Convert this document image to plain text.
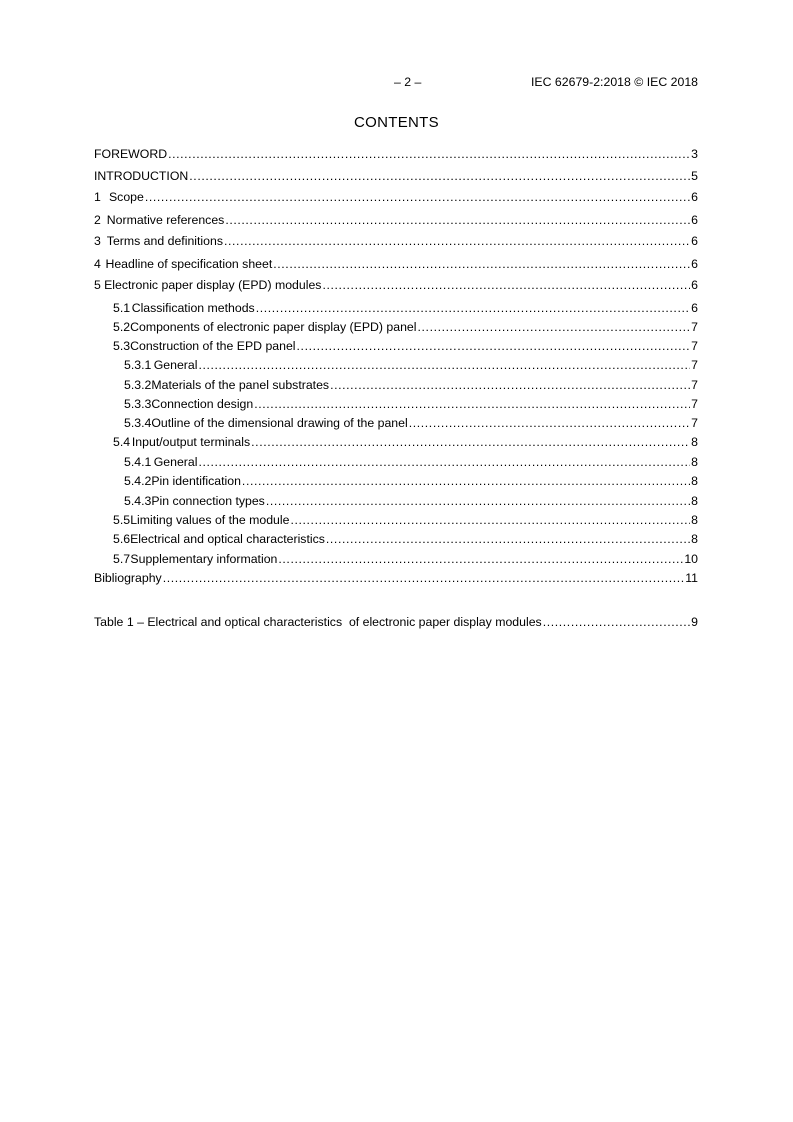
– 2 –	IEC 62679-2:2018 © IEC 2018
CONTENTS
FOREWORD .....	3
INTRODUCTION .....	5
1 Scope .....	6
2 Normative references .....	6
3 Terms and definitions .....	6
4 Headline of specification sheet .....	6
5 Electronic paper display (EPD) modules .....	6
5.1 Classification methods .....	6
5.2 Components of electronic paper display (EPD) panel .....	7
5.3 Construction of the EPD panel .....	7
5.3.1 General .....	7
5.3.2 Materials of the panel substrates .....	7
5.3.3 Connection design .....	7
5.3.4 Outline of the dimensional drawing of the panel .....	7
5.4 Input/output terminals .....	8
5.4.1 General .....	8
5.4.2 Pin identification .....	8
5.4.3 Pin connection types .....	8
5.5 Limiting values of the module .....	8
5.6 Electrical and optical characteristics .....	8
5.7 Supplementary information .....	10
Bibliography .....	11
Table 1 – Electrical and optical characteristics  of electronic paper display modules .....	9
